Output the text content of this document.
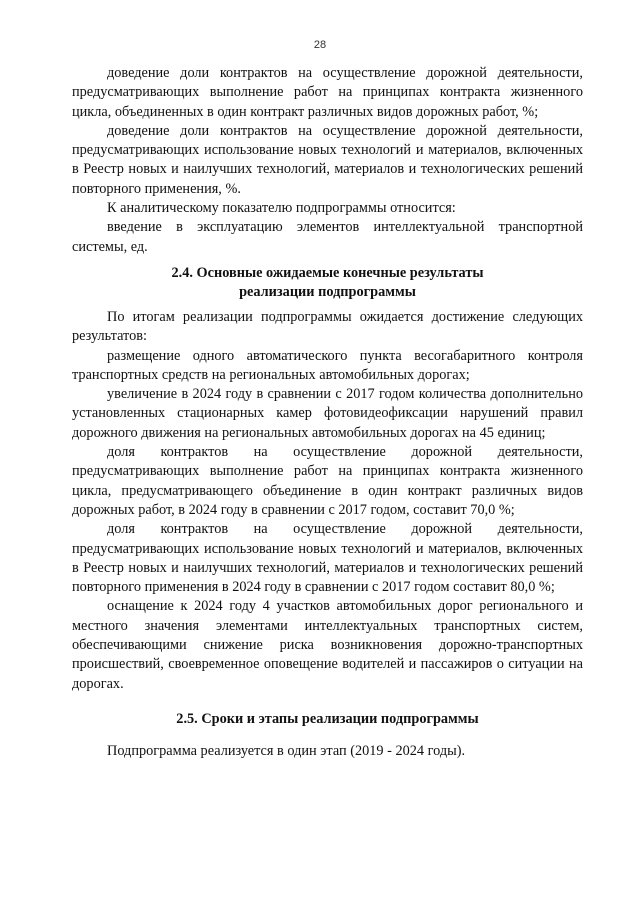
28

доведение доли контрактов на осуществление дорожной деятельности, предусматривающих выполнение работ на принципах контракта жизненного цикла, объединенных в один контракт различных видов дорожных работ, %;

доведение доли контрактов на осуществление дорожной деятельности, предусматривающих использование новых технологий и материалов, включенных в Реестр новых и наилучших технологий, материалов и технологических решений повторного применения, %.

К аналитическому показателю подпрограммы относится:

введение в эксплуатацию элементов интеллектуальной транспортной системы, ед.

2.4. Основные ожидаемые конечные результаты
реализации подпрограммы

По итогам реализации подпрограммы ожидается достижение следующих результатов:

размещение одного автоматического пункта весогабаритного контроля транспортных средств на региональных автомобильных дорогах;

увеличение в 2024 году в сравнении с 2017 годом количества дополнительно установленных стационарных камер фотовидеофиксации нарушений правил дорожного движения на региональных автомобильных дорогах на 45 единиц;

доля контрактов на осуществление дорожной деятельности, предусматривающих выполнение работ на принципах контракта жизненного цикла, предусматривающего объединение в один контракт различных видов дорожных работ, в 2024 году в сравнении с 2017 годом, составит 70,0 %;

доля контрактов на осуществление дорожной деятельности, предусматривающих использование новых технологий и материалов, включенных в Реестр новых и наилучших технологий, материалов и технологических решений повторного применения в 2024 году в сравнении с 2017 годом составит 80,0 %;

оснащение к 2024 году 4 участков автомобильных дорог регионального и местного значения элементами интеллектуальных транспортных систем, обеспечивающими снижение риска возникновения дорожно-транспортных происшествий, своевременное оповещение водителей и пассажиров о ситуации на дорогах.

2.5. Сроки и этапы реализации подпрограммы

Подпрограмма реализуется в один этап (2019 - 2024 годы).
